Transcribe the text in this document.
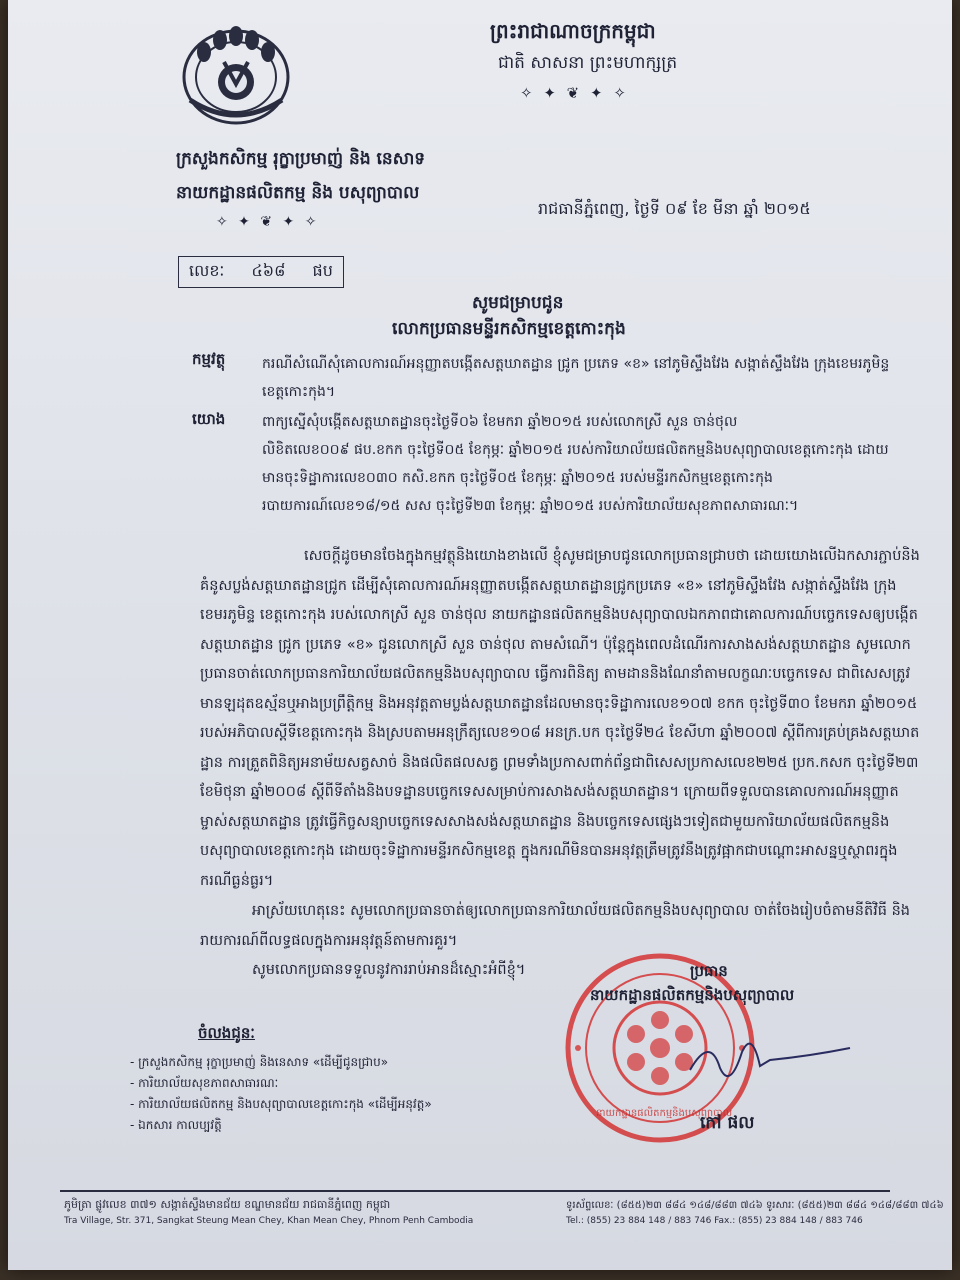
ព្រះរាជាណាចក្រកម្ពុជា
ជាតិ សាសនា ព្រះមហាក្សត្រ
✧ ✦ ❦ ✦ ✧
ក្រសួងកសិកម្ម រុក្ខាប្រមាញ់ និង នេសាទ
នាយកដ្ឋានផលិតកម្ម និង បសុព្យាបាល
✧ ✦ ❦ ✦ ✧
រាជធានីភ្នំពេញ, ថ្ងៃទី ០៩ ខែ មីនា ឆ្នាំ ២០១៥
លេខៈ ៤៦៨ ផប
សូមជម្រាបជូន
លោកប្រធានមន្ទីរកសិកម្មខេត្តកោះកុង
កម្មវត្ថុ	ករណីសំណើសុំគោលការណ៍អនុញ្ញាតបង្កើតសត្តឃាតដ្ឋាន ជ្រូក ប្រភេទ «ខ» នៅភូមិស្ទឹងវែង សង្កាត់ស្ទឹងវែង ក្រុងខេមរភូមិន្ទ ខេត្តកោះកុង។
យោង	ពាក្យស្នើសុំបង្កើតសត្តឃាតដ្ឋានចុះថ្ងៃទី០៦ ខែមករា ឆ្នាំ២០១៥ របស់លោកស្រី សួន ចាន់ថុល
លិខិតលេខ០០៩ ផប.ខកក ចុះថ្ងៃទី០៥ ខែកុម្ភៈ ឆ្នាំ២០១៥ របស់ការិយាល័យផលិតកម្មនិងបសុព្យាបាលខេត្តកោះកុង ដោយមានចុះទិដ្ឋាការលេខ០៣០ កសិ.ខកក ចុះថ្ងៃទី០៥ ខែកុម្ភៈ ឆ្នាំ២០១៥ របស់មន្ទីរកសិកម្មខេត្តកោះកុង
របាយការណ៍លេខ១៨/១៥ សស ចុះថ្ងៃទី២៣ ខែកុម្ភៈ ឆ្នាំ២០១៥ របស់ការិយាល័យសុខភាពសាធារណៈ។
សេចក្តីដូចមានចែងក្នុងកម្មវត្ថុនិងយោងខាងលើ ខ្ញុំសូមជម្រាបជូនលោកប្រធានជ្រាបថា ដោយយោងលើឯកសារភ្ជាប់និងគំនូសប្លង់សត្តឃាតដ្ឋានជ្រូក ដើម្បីសុំគោលការណ៍អនុញ្ញាតបង្កើតសត្តឃាតដ្ឋានជ្រូកប្រភេទ «ខ» នៅភូមិស្ទឹងវែង សង្កាត់ស្ទឹងវែង ក្រុងខេមរភូមិន្ទ ខេត្តកោះកុង របស់លោកស្រី សួន ចាន់ថុល នាយកដ្ឋានផលិតកម្មនិងបសុព្យាបាលឯកភាពជាគោលការណ៍បច្ចេកទេសឲ្យបង្កើតសត្តឃាតដ្ឋាន ជ្រូក ប្រភេទ «ខ» ជូនលោកស្រី សួន ចាន់ថុល តាមសំណើ។ ប៉ុន្តែក្នុងពេលដំណើរការសាងសង់សត្តឃាតដ្ឋាន សូមលោកប្រធានចាត់លោកប្រធានការិយាល័យផលិតកម្មនិងបសុព្យាបាល ធ្វើការពិនិត្យ តាមដាននិងណែនាំតាមលក្ខណៈបច្ចេកទេស ជាពិសេសត្រូវមានឡដុតឧស្ម័នឬអាងប្រព្រឹត្តិកម្ម និងអនុវត្តតាមប្លង់សត្តឃាតដ្ឋានដែលមានចុះទិដ្ឋាការលេខ១០៧ ខកក ចុះថ្ងៃទី៣០ ខែមករា ឆ្នាំ២០១៥ របស់អភិបាលស្តីទីខេត្តកោះកុង និងស្របតាមអនុក្រឹត្យលេខ១០៨ អនក្រ.បក ចុះថ្ងៃទី២៤ ខែសីហា ឆ្នាំ២០០៧ ស្តីពីការគ្រប់គ្រងសត្តឃាតដ្ឋាន ការត្រួតពិនិត្យអនាម័យសត្វសាច់ និងផលិតផលសត្វ ព្រមទាំងប្រកាសពាក់ព័ន្ធជាពិសេសប្រកាសលេខ២២៥ ប្រក.កសក ចុះថ្ងៃទី២៣ ខែមិថុនា ឆ្នាំ២០០៨ ស្តីពីទីតាំងនិងបទដ្ឋានបច្ចេកទេសសម្រាប់ការសាងសង់សត្តឃាតដ្ឋាន។ ក្រោយពីទទួលបានគោលការណ៍អនុញ្ញាតម្ចាស់សត្តឃាតដ្ឋាន ត្រូវធ្វើកិច្ចសន្យាបច្ចេកទេសសាងសង់សត្តឃាតដ្ឋាន និងបច្ចេកទេសផ្សេងៗទៀតជាមួយការិយាល័យផលិតកម្មនិងបសុព្យាបាលខេត្តកោះកុង ដោយចុះទិដ្ឋាការមន្ទីរកសិកម្មខេត្ត ក្នុងករណីមិនបានអនុវត្តត្រឹមត្រូវនឹងត្រូវផ្អាកជាបណ្តោះអាសន្នឬស្ថាពរក្នុងករណីធ្ងន់ធ្ងរ។
អាស្រ័យហេតុនេះ សូមលោកប្រធានចាត់ឲ្យលោកប្រធានការិយាល័យផលិតកម្មនិងបសុព្យាបាល ចាត់ចែងរៀបចំតាមនីតិវិធី និងរាយការណ៍ពីលទ្ធផលក្នុងការអនុវត្តន៍តាមការគួរ។
សូមលោកប្រធានទទួលនូវការរាប់អានដ៏ស្មោះអំពីខ្ញុំ។
នាយកដ្ឋានផលិតកម្មនិងបសុព្យាបាល
ប្រធាន
នាយកដ្ឋានផលិតកម្មនិងបសុព្យាបាល
កៅ ផល
ចំលងជូនៈ
- ក្រសួងកសិកម្ម រុក្ខាប្រមាញ់ និងនេសាទ «ដើម្បីជូនជ្រាប»
- ការិយាល័យសុខភាពសាធារណៈ
- ការិយាល័យផលិតកម្ម និងបសុព្យាបាលខេត្តកោះកុង «ដើម្បីអនុវត្ត»
- ឯកសារ កាលប្បវត្តិ
ភូមិត្រា ផ្លូវលេខ ៣៧១ សង្កាត់ស្ទឹងមានជ័យ ខណ្ឌមានជ័យ រាជធានីភ្នំពេញ កម្ពុជា
Tra Village, Str. 371, Sangkat Steung Mean Chey, Khan Mean Chey, Phnom Penh Cambodia
ទូរស័ព្ទលេខៈ (៨៥៥)២៣ ៨៨៤ ១៤៨/៨៨៣ ៧៤៦ ទូរសារៈ (៨៥៥)២៣ ៨៨៤ ១៤៨/៨៨៣ ៧៤៦
Tel.: (855) 23 884 148 / 883 746 Fax.: (855) 23 884 148 / 883 746
